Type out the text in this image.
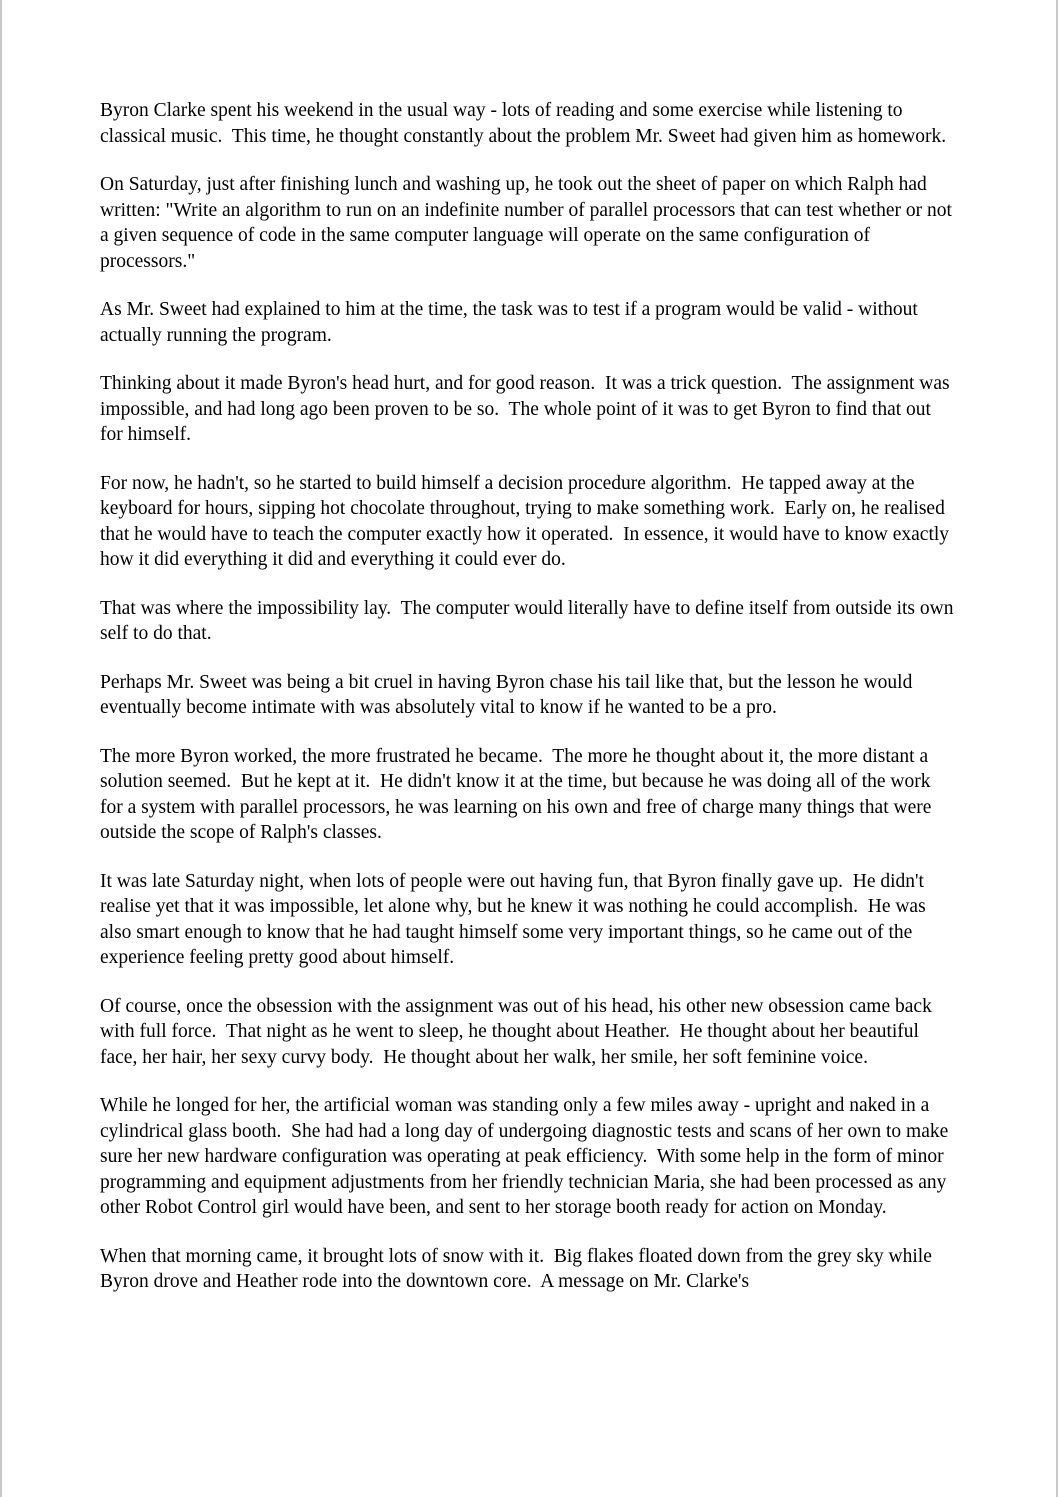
Byron Clarke spent his weekend in the usual way - lots of reading and some exercise while listening to classical music.  This time, he thought constantly about the problem Mr. Sweet had given him as homework.

On Saturday, just after finishing lunch and washing up, he took out the sheet of paper on which Ralph had written: "Write an algorithm to run on an indefinite number of parallel processors that can test whether or not a given sequence of code in the same computer language will operate on the same configuration of processors."

As Mr. Sweet had explained to him at the time, the task was to test if a program would be valid - without actually running the program.

Thinking about it made Byron's head hurt, and for good reason.  It was a trick question.  The assignment was impossible, and had long ago been proven to be so.  The whole point of it was to get Byron to find that out for himself.

For now, he hadn't, so he started to build himself a decision procedure algorithm.  He tapped away at the keyboard for hours, sipping hot chocolate throughout, trying to make something work.  Early on, he realised that he would have to teach the computer exactly how it operated.  In essence, it would have to know exactly how it did everything it did and everything it could ever do.

That was where the impossibility lay.  The computer would literally have to define itself from outside its own self to do that.

Perhaps Mr. Sweet was being a bit cruel in having Byron chase his tail like that, but the lesson he would eventually become intimate with was absolutely vital to know if he wanted to be a pro.

The more Byron worked, the more frustrated he became.  The more he thought about it, the more distant a solution seemed.  But he kept at it.  He didn't know it at the time, but because he was doing all of the work for a system with parallel processors, he was learning on his own and free of charge many things that were outside the scope of Ralph's classes.

It was late Saturday night, when lots of people were out having fun, that Byron finally gave up.  He didn't realise yet that it was impossible, let alone why, but he knew it was nothing he could accomplish.  He was also smart enough to know that he had taught himself some very important things, so he came out of the experience feeling pretty good about himself.

Of course, once the obsession with the assignment was out of his head, his other new obsession came back with full force.  That night as he went to sleep, he thought about Heather.  He thought about her beautiful face, her hair, her sexy curvy body.  He thought about her walk, her smile, her soft feminine voice.

While he longed for her, the artificial woman was standing only a few miles away - upright and naked in a cylindrical glass booth.  She had had a long day of undergoing diagnostic tests and scans of her own to make sure her new hardware configuration was operating at peak efficiency.  With some help in the form of minor programming and equipment adjustments from her friendly technician Maria, she had been processed as any other Robot Control girl would have been, and sent to her storage booth ready for action on Monday.

When that morning came, it brought lots of snow with it.  Big flakes floated down from the grey sky while Byron drove and Heather rode into the downtown core.  A message on Mr. Clarke's
